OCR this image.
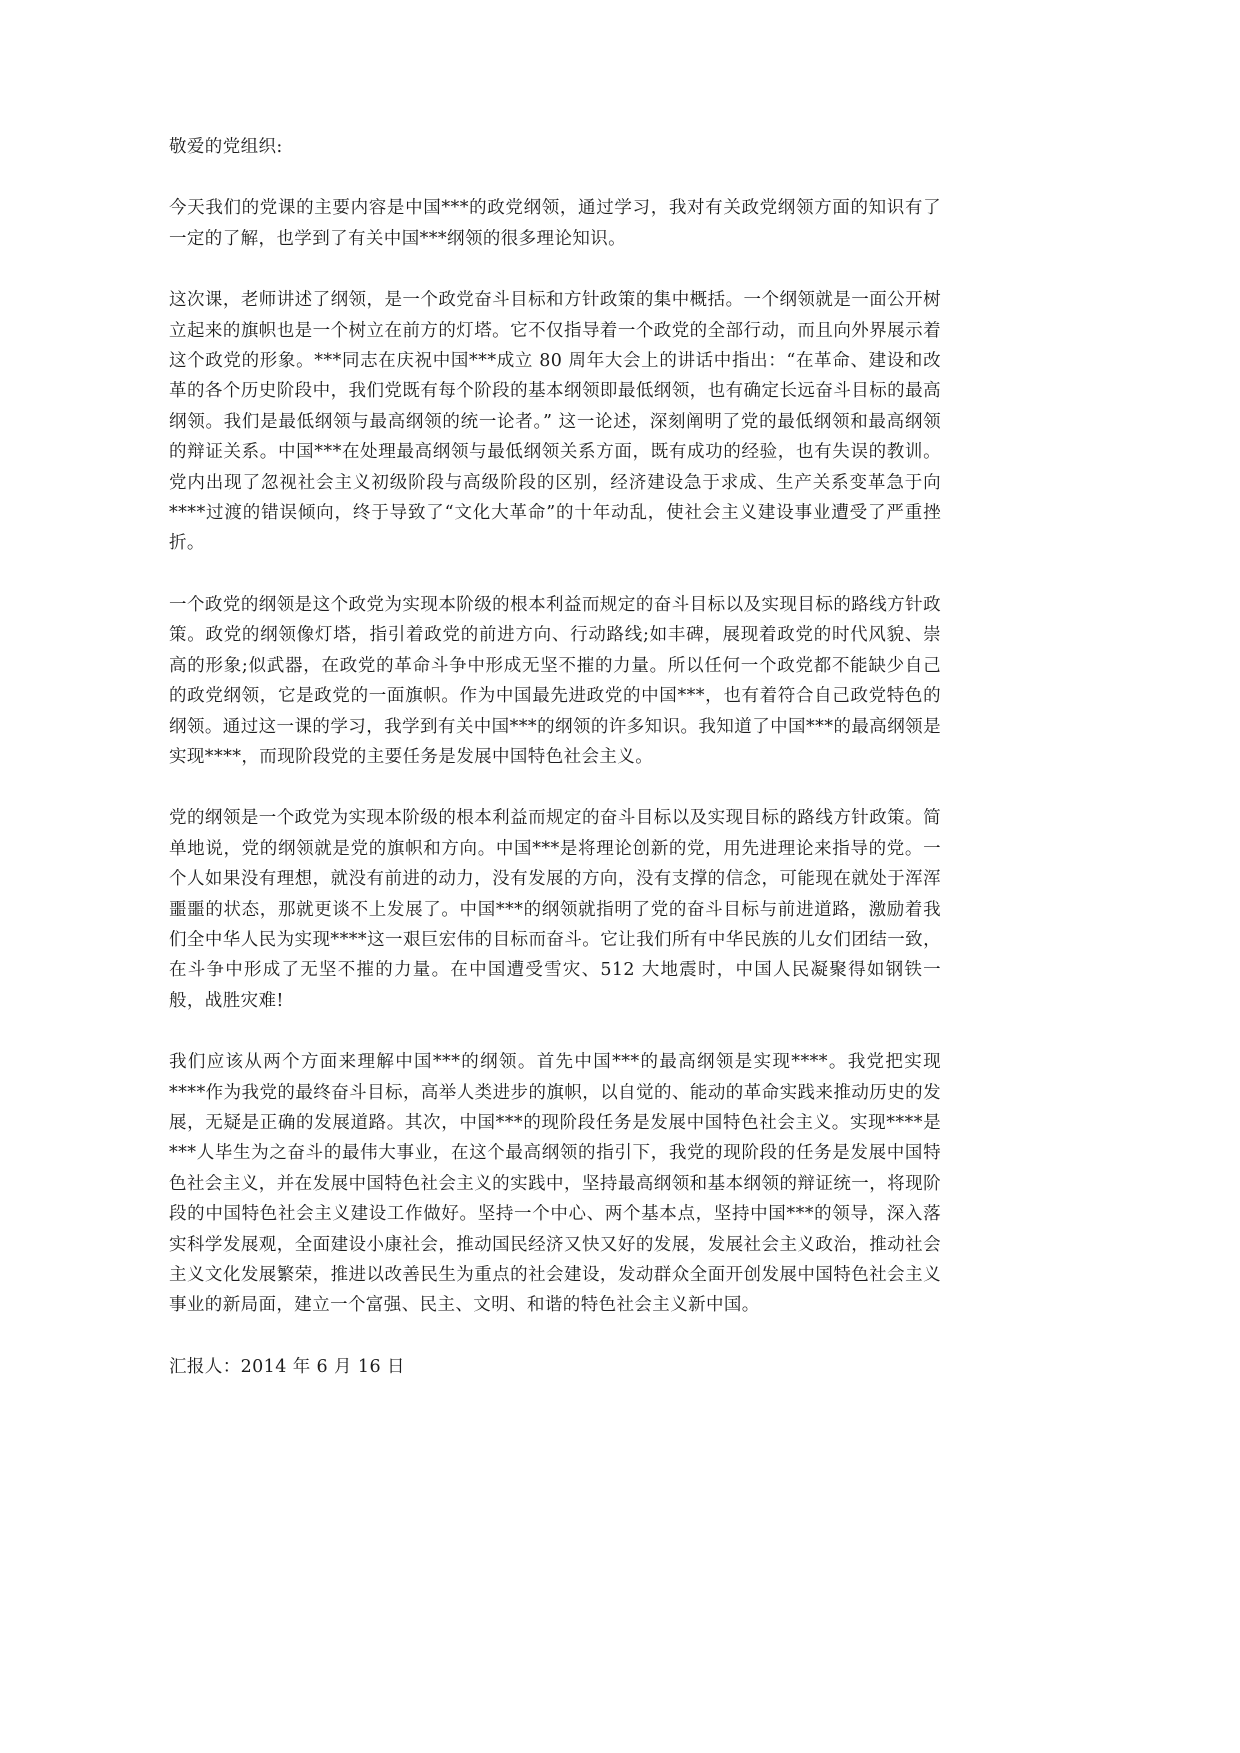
敬爱的党组织:

今天我们的党课的主要内容是中国***的政党纲领，通过学习，我对有关政党纲领方面的知识有了一定的了解，也学到了有关中国***纲领的很多理论知识。

这次课，老师讲述了纲领，是一个政党奋斗目标和方针政策的集中概括。一个纲领就是一面公开树立起来的旗帜也是一个树立在前方的灯塔。它不仅指导着一个政党的全部行动，而且向外界展示着这个政党的形象。***同志在庆祝中国***成立 80 周年大会上的讲话中指出：“在革命、建设和改革的各个历史阶段中，我们党既有每个阶段的基本纲领即最低纲领，也有确定长远奋斗目标的最高纲领。我们是最低纲领与最高纲领的统一论者。” 这一论述，深刻阐明了党的最低纲领和最高纲领的辩证关系。中国***在处理最高纲领与最低纲领关系方面，既有成功的经验，也有失误的教训。党内出现了忽视社会主义初级阶段与高级阶段的区别，经济建设急于求成、生产关系变革急于向****过渡的错误倾向，终于导致了“文化大革命”的十年动乱，使社会主义建设事业遭受了严重挫折。

一个政党的纲领是这个政党为实现本阶级的根本利益而规定的奋斗目标以及实现目标的路线方针政策。政党的纲领像灯塔，指引着政党的前进方向、行动路线;如丰碑，展现着政党的时代风貌、崇高的形象;似武器，在政党的革命斗争中形成无坚不摧的力量。所以任何一个政党都不能缺少自己的政党纲领，它是政党的一面旗帜。作为中国最先进政党的中国***，也有着符合自己政党特色的纲领。通过这一课的学习，我学到有关中国***的纲领的许多知识。我知道了中国***的最高纲领是实现****，而现阶段党的主要任务是发展中国特色社会主义。

党的纲领是一个政党为实现本阶级的根本利益而规定的奋斗目标以及实现目标的路线方针政策。简单地说，党的纲领就是党的旗帜和方向。中国***是将理论创新的党，用先进理论来指导的党。一个人如果没有理想，就没有前进的动力，没有发展的方向，没有支撑的信念，可能现在就处于浑浑噩噩的状态，那就更谈不上发展了。中国***的纲领就指明了党的奋斗目标与前进道路，激励着我们全中华人民为实现****这一艰巨宏伟的目标而奋斗。它让我们所有中华民族的儿女们团结一致，在斗争中形成了无坚不摧的力量。在中国遭受雪灾、512 大地震时，中国人民凝聚得如钢铁一般，战胜灾难!

我们应该从两个方面来理解中国***的纲领。首先中国***的最高纲领是实现****。我党把实现****作为我党的最终奋斗目标，高举人类进步的旗帜，以自觉的、能动的革命实践来推动历史的发展，无疑是正确的发展道路。其次，中国***的现阶段任务是发展中国特色社会主义。实现****是***人毕生为之奋斗的最伟大事业，在这个最高纲领的指引下，我党的现阶段的任务是发展中国特色社会主义，并在发展中国特色社会主义的实践中，坚持最高纲领和基本纲领的辩证统一，将现阶段的中国特色社会主义建设工作做好。坚持一个中心、两个基本点，坚持中国***的领导，深入落实科学发展观，全面建设小康社会，推动国民经济又快又好的发展，发展社会主义政治，推动社会主义文化发展繁荣，推进以改善民生为重点的社会建设，发动群众全面开创发展中国特色社会主义事业的新局面，建立一个富强、民主、文明、和谐的特色社会主义新中国。

汇报人：2014 年 6 月 16 日
